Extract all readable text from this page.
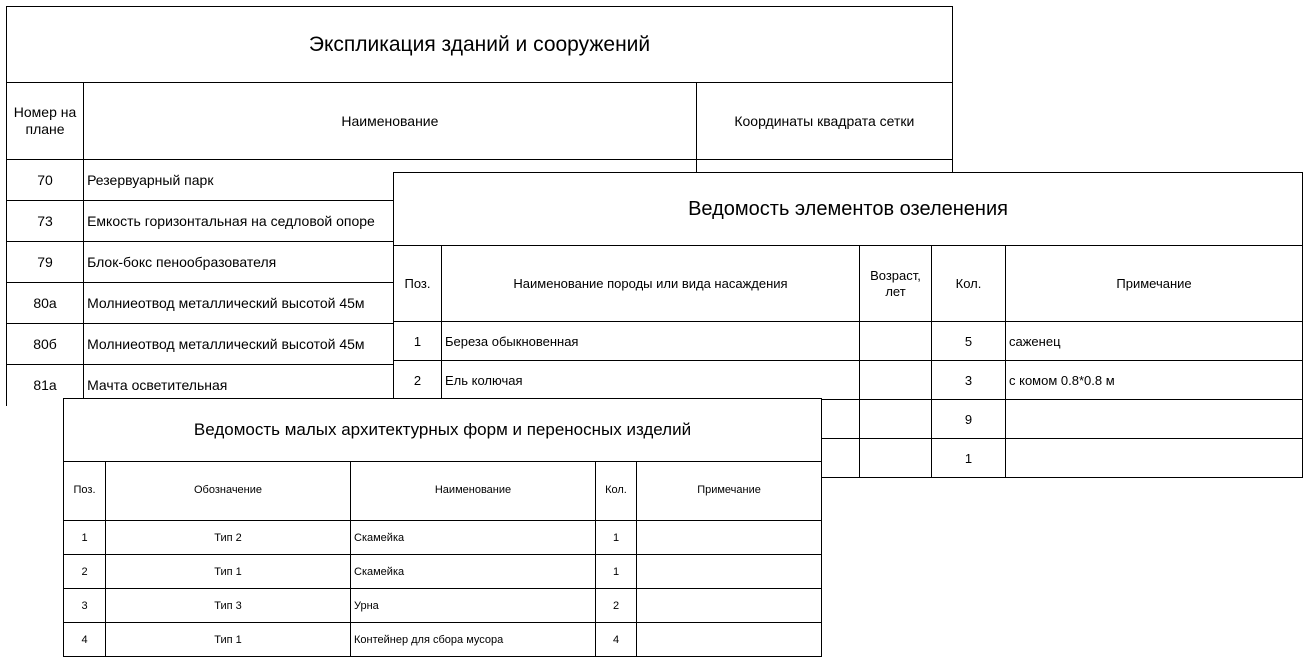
Экспликация зданий и сооружений		
Номер на плане	Наименование	Координаты квадрата сетки
70	Резервуарный парк	
73	Емкость горизонтальная на седловой опоре	
79	Блок-бокс пенообразователя	
80а	Молниеотвод металлический высотой 45м	
80б	Молниеотвод металлический высотой 45м	
81а	Мачта осветительная	
Ведомость элементов озеленения				
Поз.	Наименование породы или вида насаждения	Возраст, лет	Кол.	Примечание
1	Береза обыкновенная		5	саженец
2	Ель колючая		3	с комом 0.8*0.8 м
			9	
			1	
Ведомость малых архитектурных форм и переносных изделий				
Поз.	Обозначение	Наименование	Кол.	Примечание
1	Тип 2	Скамейка	1	
2	Тип 1	Скамейка	1	
3	Тип 3	Урна	2	
4	Тип 1	Контейнер для сбора мусора	4	
